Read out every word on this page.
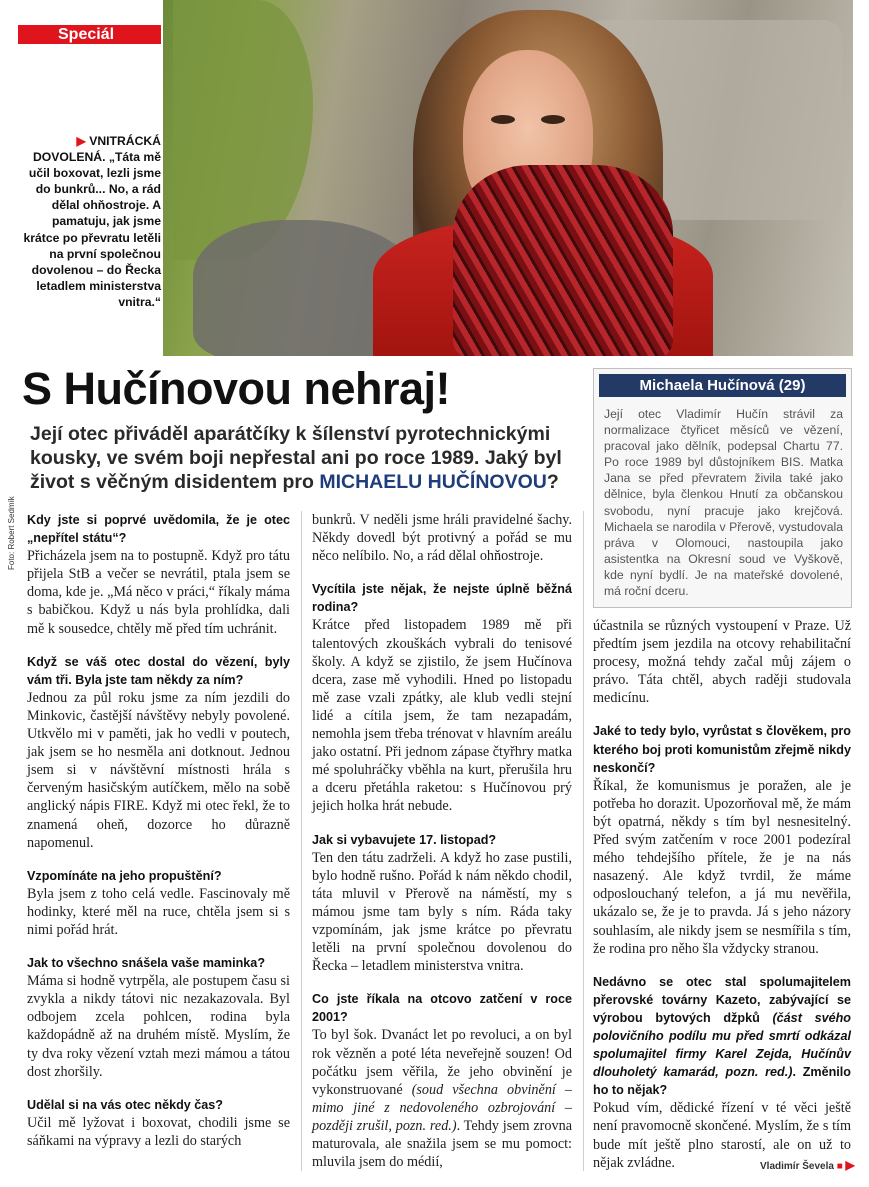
Speciál
▶ VNITRÁCKÁ DOVOLENÁ. „Táta mě učil boxovat, lezli jsme do bunkrů... No, a rád dělal ohňostroje. A pamatuju, jak jsme krátce po převratu letěli na první společnou dovolenou – do Řecka letadlem ministerstva vnitra.“
Foto: Robert Sedmík
S Hučínovou nehraj!
Její otec přiváděl aparátčíky k šílenství pyrotechnickými kousky, ve svém boji nepřestal ani po roce 1989. Jaký byl život s věčným disidentem pro MICHAELU HUČÍNOVOU?
Michaela Hučínová (29)
Její otec Vladimír Hučín strávil za normalizace čtyřicet měsíců ve vězení, pracoval jako dělník, podepsal Chartu 77. Po roce 1989 byl důstojníkem BIS. Matka Jana se před převratem živila také jako dělnice, byla členkou Hnutí za občanskou svobodu, nyní pracuje jako krejčová. Michaela se narodila v Přerově, vystudovala práva v Olomouci, nastoupila jako asistentka na Okresní soud ve Vyškově, kde nyní bydlí. Je na mateřské dovolené, má roční dceru.

Kdy jste si poprvé uvědomila, že je otec „nepřítel státu“?
Přicházela jsem na to postupně. Když pro tátu přijela StB a večer se nevrátil, ptala jsem se doma, kde je. „Má něco v práci,“ říkaly máma s babičkou. Když u nás byla prohlídka, dali mě k sousedce, chtěly mě před tím uchránit.

Když se váš otec dostal do vězení, byly vám tři. Byla jste tam někdy za ním?
Jednou za půl roku jsme za ním jezdili do Minkovic, častější návštěvy nebyly povolené. Utkvělo mi v paměti, jak ho vedli v poutech, jak jsem se ho nesměla ani dotknout. Jednou jsem si v návštěvní místnosti hrála s červeným hasičským autíčkem, mělo na sobě anglický nápis FIRE. Když mi otec řekl, že to znamená oheň, dozorce ho důrazně napomenul.

Vzpomínáte na jeho propuštění?
Byla jsem z toho celá vedle. Fascinovaly mě hodinky, které měl na ruce, chtěla jsem si s nimi pořád hrát.

Jak to všechno snášela vaše maminka?
Máma si hodně vytrpěla, ale postupem času si zvykla a nikdy tátovi nic nezakazovala. Byl odbojem zcela pohlcen, rodina byla každopádně až na druhém místě. Myslím, že ty dva roky vězení vztah mezi mámou a tátou dost zhoršily.

Udělal si na vás otec někdy čas?
Učil mě lyžovat i boxovat, chodili jsme se sáňkami na výpravy a lezli do starých

bunkrů. V neděli jsme hráli pravidelné šachy. Někdy dovedl být protivný a pořád se mu něco nelíbilo. No, a rád dělal ohňostroje.

Vycítila jste nějak, že nejste úplně běžná rodina?
Krátce před listopadem 1989 mě při talentových zkouškách vybrali do tenisové školy. A když se zjistilo, že jsem Hučínova dcera, zase mě vyhodili. Hned po listopadu mě zase vzali zpátky, ale klub vedli stejní lidé a cítila jsem, že tam nezapadám, nemohla jsem třeba trénovat v hlavním areálu jako ostatní. Při jednom zápase čtyřhry matka mé spoluhráčky vběhla na kurt, přerušila hru a dceru přetáhla raketou: s Hučínovou prý jejich holka hrát nebude.

Jak si vybavujete 17. listopad?
Ten den tátu zadrželi. A když ho zase pustili, bylo hodně rušno. Pořád k nám někdo chodil, táta mluvil v Přerově na náměstí, my s mámou jsme tam byly s ním. Ráda taky vzpomínám, jak jsme krátce po převratu letěli na první společnou dovolenou do Řecka – letadlem ministerstva vnitra.

Co jste říkala na otcovo zatčení v roce 2001?
To byl šok. Dvanáct let po revoluci, a on byl rok vězněn a poté léta neveřejně souzen! Od počátku jsem věřila, že jeho obvinění je vykonstruované (soud všechna obvinění – mimo jiné z nedovoleného ozbrojování – později zrušil, pozn. red.). Tehdy jsem zrovna maturovala, ale snažila jsem se mu pomoct: mluvila jsem do médií,

účastnila se různých vystoupení v Praze. Už předtím jsem jezdila na otcovy rehabilitační procesy, možná tehdy začal můj zájem o právo. Táta chtěl, abych raději studovala medicínu.

Jaké to tedy bylo, vyrůstat s člověkem, pro kterého boj proti komunistům zřejmě nikdy neskončí?
Říkal, že komunismus je poražen, ale je potřeba ho dorazit. Upozorňoval mě, že mám být opatrná, někdy s tím byl nesnesitelný. Před svým zatčením v roce 2001 podezíral mého tehdejšího přítele, že je na nás nasazený. Ale když tvrdil, že máme odposlouchaný telefon, a já mu nevěřila, ukázalo se, že je to pravda. Já s jeho názory souhlasím, ale nikdy jsem se nesmířila s tím, že rodina pro něho šla vždycky stranou.

Nedávno se otec stal spolumajitelem přerovské továrny Kazeto, zabývající se výrobou bytových džpků (část svého polovičního podílu mu před smrtí odkázal spolumajitel firmy Karel Zejda, Hučínův dlouholetý kamarád, pozn. red.). Změnilo ho to nějak?
Pokud vím, dědické řízení v té věci ještě není pravomocně skončené. Myslím, že s tím bude mít ještě plno starostí, ale on už to nějak zvládne.	Vladimír Ševela ■ ▶
